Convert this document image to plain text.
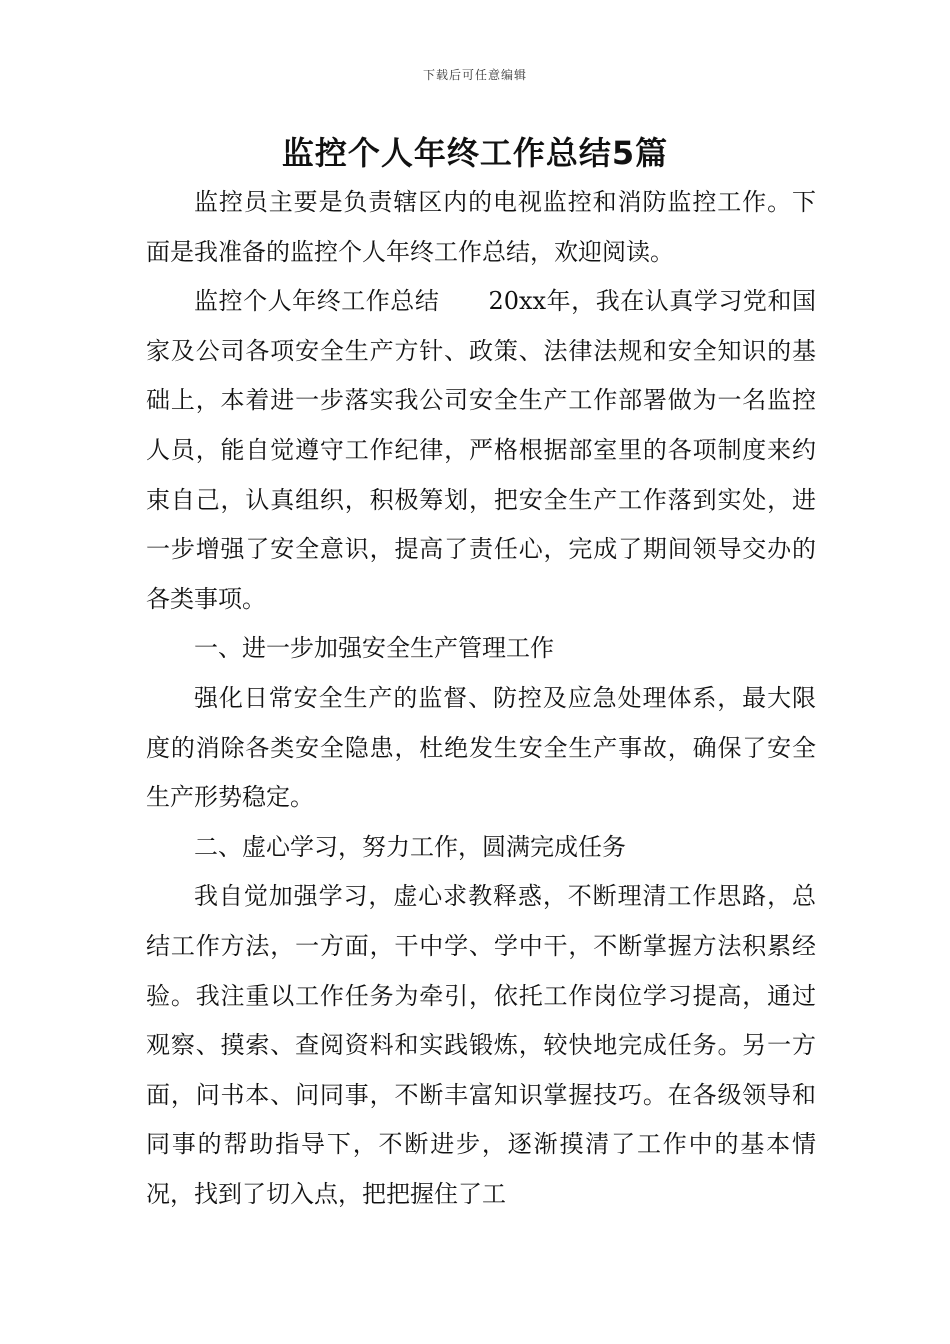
下载后可任意编辑
监控个人年终工作总结5篇

监控员主要是负责辖区内的电视监控和消防监控工作。下面是我准备的监控个人年终工作总结，欢迎阅读。

监控个人年终工作总结　　20xx年，我在认真学习党和国家及公司各项安全生产方针、政策、法律法规和安全知识的基础上，本着进一步落实我公司安全生产工作部署做为一名监控人员，能自觉遵守工作纪律，严格根据部室里的各项制度来约束自己，认真组织，积极筹划，把安全生产工作落到实处，进一步增强了安全意识，提高了责任心，完成了期间领导交办的各类事项。

一、进一步加强安全生产管理工作

强化日常安全生产的监督、防控及应急处理体系，最大限度的消除各类安全隐患，杜绝发生安全生产事故，确保了安全生产形势稳定。

二、虚心学习，努力工作，圆满完成任务

我自觉加强学习，虚心求教释惑，不断理清工作思路，总结工作方法，一方面，干中学、学中干，不断掌握方法积累经验。我注重以工作任务为牵引，依托工作岗位学习提高，通过观察、摸索、查阅资料和实践锻炼，较快地完成任务。另一方面，问书本、问同事，不断丰富知识掌握技巧。在各级领导和同事的帮助指导下，不断进步，逐渐摸清了工作中的基本情况，找到了切入点，把把握住了工
